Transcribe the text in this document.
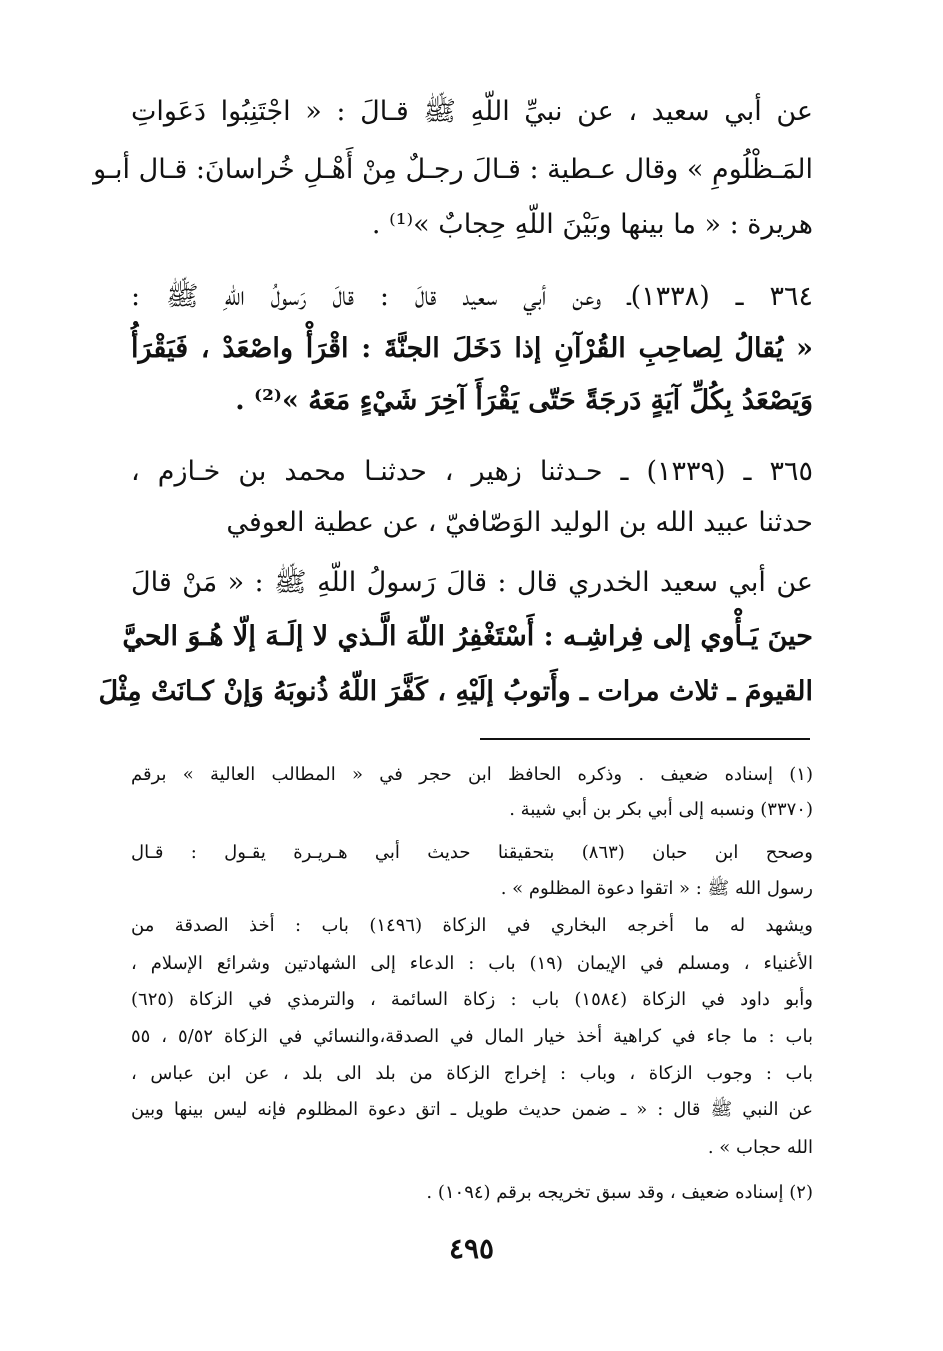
عن أبي سعيد ، عن نبيِّ اللّهِ ﷺ قـالَ : « اجْتَنِبُوا دَعَواتِ
المَـظْلُومِ » وقال عـطية : قـالَ رجـلٌ مِنْ أَهْـلِ خُراسانَ: قـال أبـو
هريرة : « ما بينها وبَيْنَ اللّهِ حِجابٌ »⁽¹⁾ .
٣٦٤ ـ (١٣٣٨)ـ وعن أبي سعيد قالَ : قالَ رَسولُ اللّهِ ﷺ :
« يُقالُ لِصاحِبِ القُرْآنِ إذا دَخَلَ الجنَّةَ : اقْرَأْ واصْعَدْ ، فَيَقْرَأُ
وَيَصْعَدُ بِكُلِّ آيَةٍ دَرجَةً حَتّى يَقْرَأَ آخِرَ شَيْءٍ مَعَهُ »⁽²⁾ .
٣٦٥ ـ (١٣٣٩) ـ حـدثنا زهير ، حدثنـا محمد بن خـازم ،
حدثنا عبيد الله بن الوليد الوَصّافيّ ، عن عطية العوفي
عن أبي سعيد الخدري قال : قالَ رَسولُ اللّهِ ﷺ : « مَنْ قالَ
حينَ يَـأْوي إلى فِراشِـه : أَسْتَغْفِرُ اللّهَ الَّـذي لا إلَـهَ إلّا هُـوَ الحيَّ
القيومَ ـ ثلاث مرات ـ وأَتوبُ إلَيْهِ ، كَفَّرَ اللّهُ ذُنوبَهُ وَإنْ كـانَتْ مِثْلَ
(١) إسناده ضعيف . وذكره الحافظ ابن حجر في « المطالب العالية » برقم
(٣٣٧٠) ونسبه إلى أبي بكر بن أبي شيبة .
وصحح ابن حبان (٨٦٣) بتحقيقنا حديث أبي هـريـرة يقـول : قـال
رسول الله ﷺ : « اتقوا دعوة المظلوم » .
ويشهد له ما أخرجه البخاري في الزكاة (١٤٩٦) باب : أخذ الصدقة من
الأغنياء ، ومسلم في الإيمان (١٩) باب : الدعاء إلى الشهادتين وشرائع الإسلام ،
وأبو داود في الزكاة (١٥٨٤) باب : زكاة السائمة ، والترمذي في الزكاة (٦٢٥)
باب : ما جاء في كراهية أخذ خيار المال في الصدقة،والنسائي في الزكاة ٥/٥٢ ، ٥٥
باب : وجوب الزكاة ، وباب : إخراج الزكاة من بلد الى بلد ، عن ابن عباس ،
عن النبي ﷺ قال : « ـ ضمن حديث طويل ـ اتق دعوة المظلوم فإنه ليس بينها وبين
الله حجاب » .
(٢) إسناده ضعيف ، وقد سبق تخريجه برقم (١٠٩٤) .
٤٩٥
